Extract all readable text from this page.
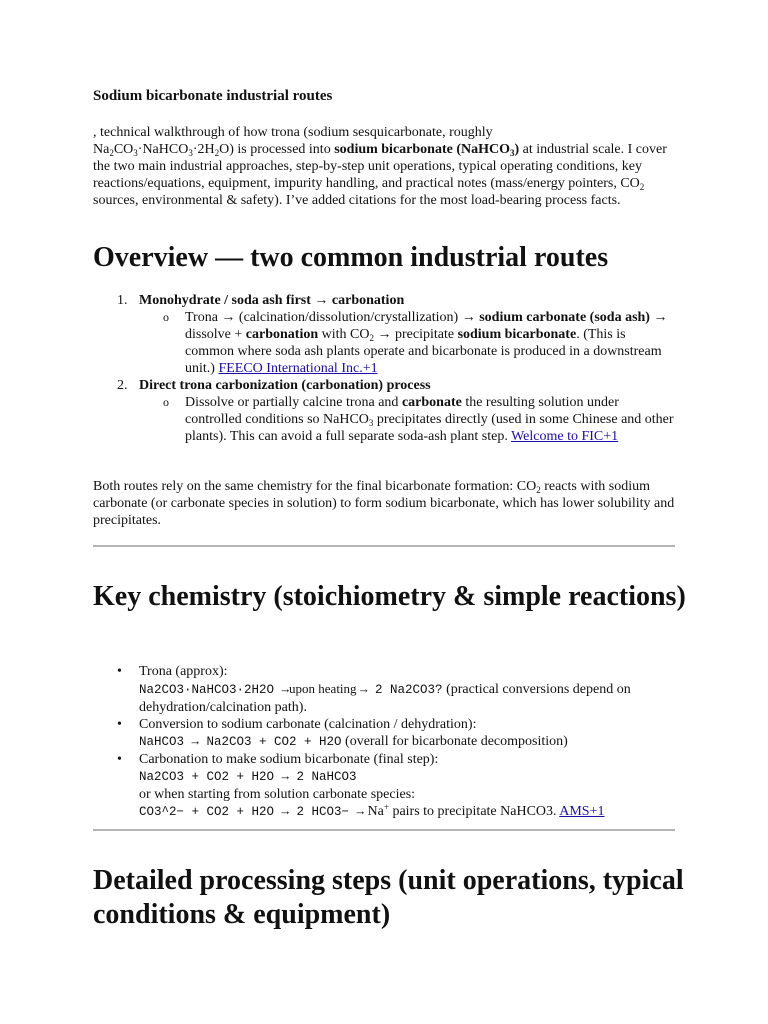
Sodium bicarbonate industrial routes

, technical walkthrough of how trona (sodium sesquicarbonate, roughly
$Na_2CO_3\cdot NaHCO_3\cdot 2H_2O$) is processed into sodium bicarbonate (NaHCO$_3$) at industrial scale. I cover the two main industrial approaches, step-by-step unit operations, typical operating conditions, key reactions/equations, equipment, impurity handling, and practical notes (mass/energy pointers, $CO_2$ sources, environmental & safety). I’ve added citations for the most load-bearing process facts.

Overview — two common industrial routes
1. Monohydrate / soda ash first → carbonation
o Trona → (calcination/dissolution/crystallization) → sodium carbonate (soda ash) → dissolve + carbonation with $CO_2$ → precipitate sodium bicarbonate. (This is common where soda ash plants operate and bicarbonate is produced in a downstream unit.) FEECO International Inc.+1
2. Direct trona carbonization (carbonation) process
o Dissolve or partially calcine trona and carbonate the resulting solution under controlled conditions so NaHCO$_3$ precipitates directly (used in some Chinese and other plants). This can avoid a full separate soda-ash plant step. Welcome to FIC+1

Both routes rely on the same chemistry for the final bicarbonate formation: $CO_2$ reacts with sodium carbonate (or carbonate species in solution) to form sodium bicarbonate, which has lower solubility and precipitates.

Key chemistry (stoichiometry & simple reactions)
• Trona (approx):
Na2CO3·NaHCO3·2H2O →upon heating → 2 Na2CO3? (practical conversions depend on dehydration/calcination path).
• Conversion to sodium carbonate (calcination / dehydration):
NaHCO3 → Na2CO3 + CO2 + H2O (overall for bicarbonate decomposition)
• Carbonation to make sodium bicarbonate (final step):
Na2CO3 + CO2 + H2O → 2 NaHCO3
or when starting from solution carbonate species:
CO3^2− + CO2 + H2O → 2 HCO3− → Na+ pairs to precipitate NaHCO3. AMS+1
Detailed processing steps (unit operations, typical conditions & equipment)
